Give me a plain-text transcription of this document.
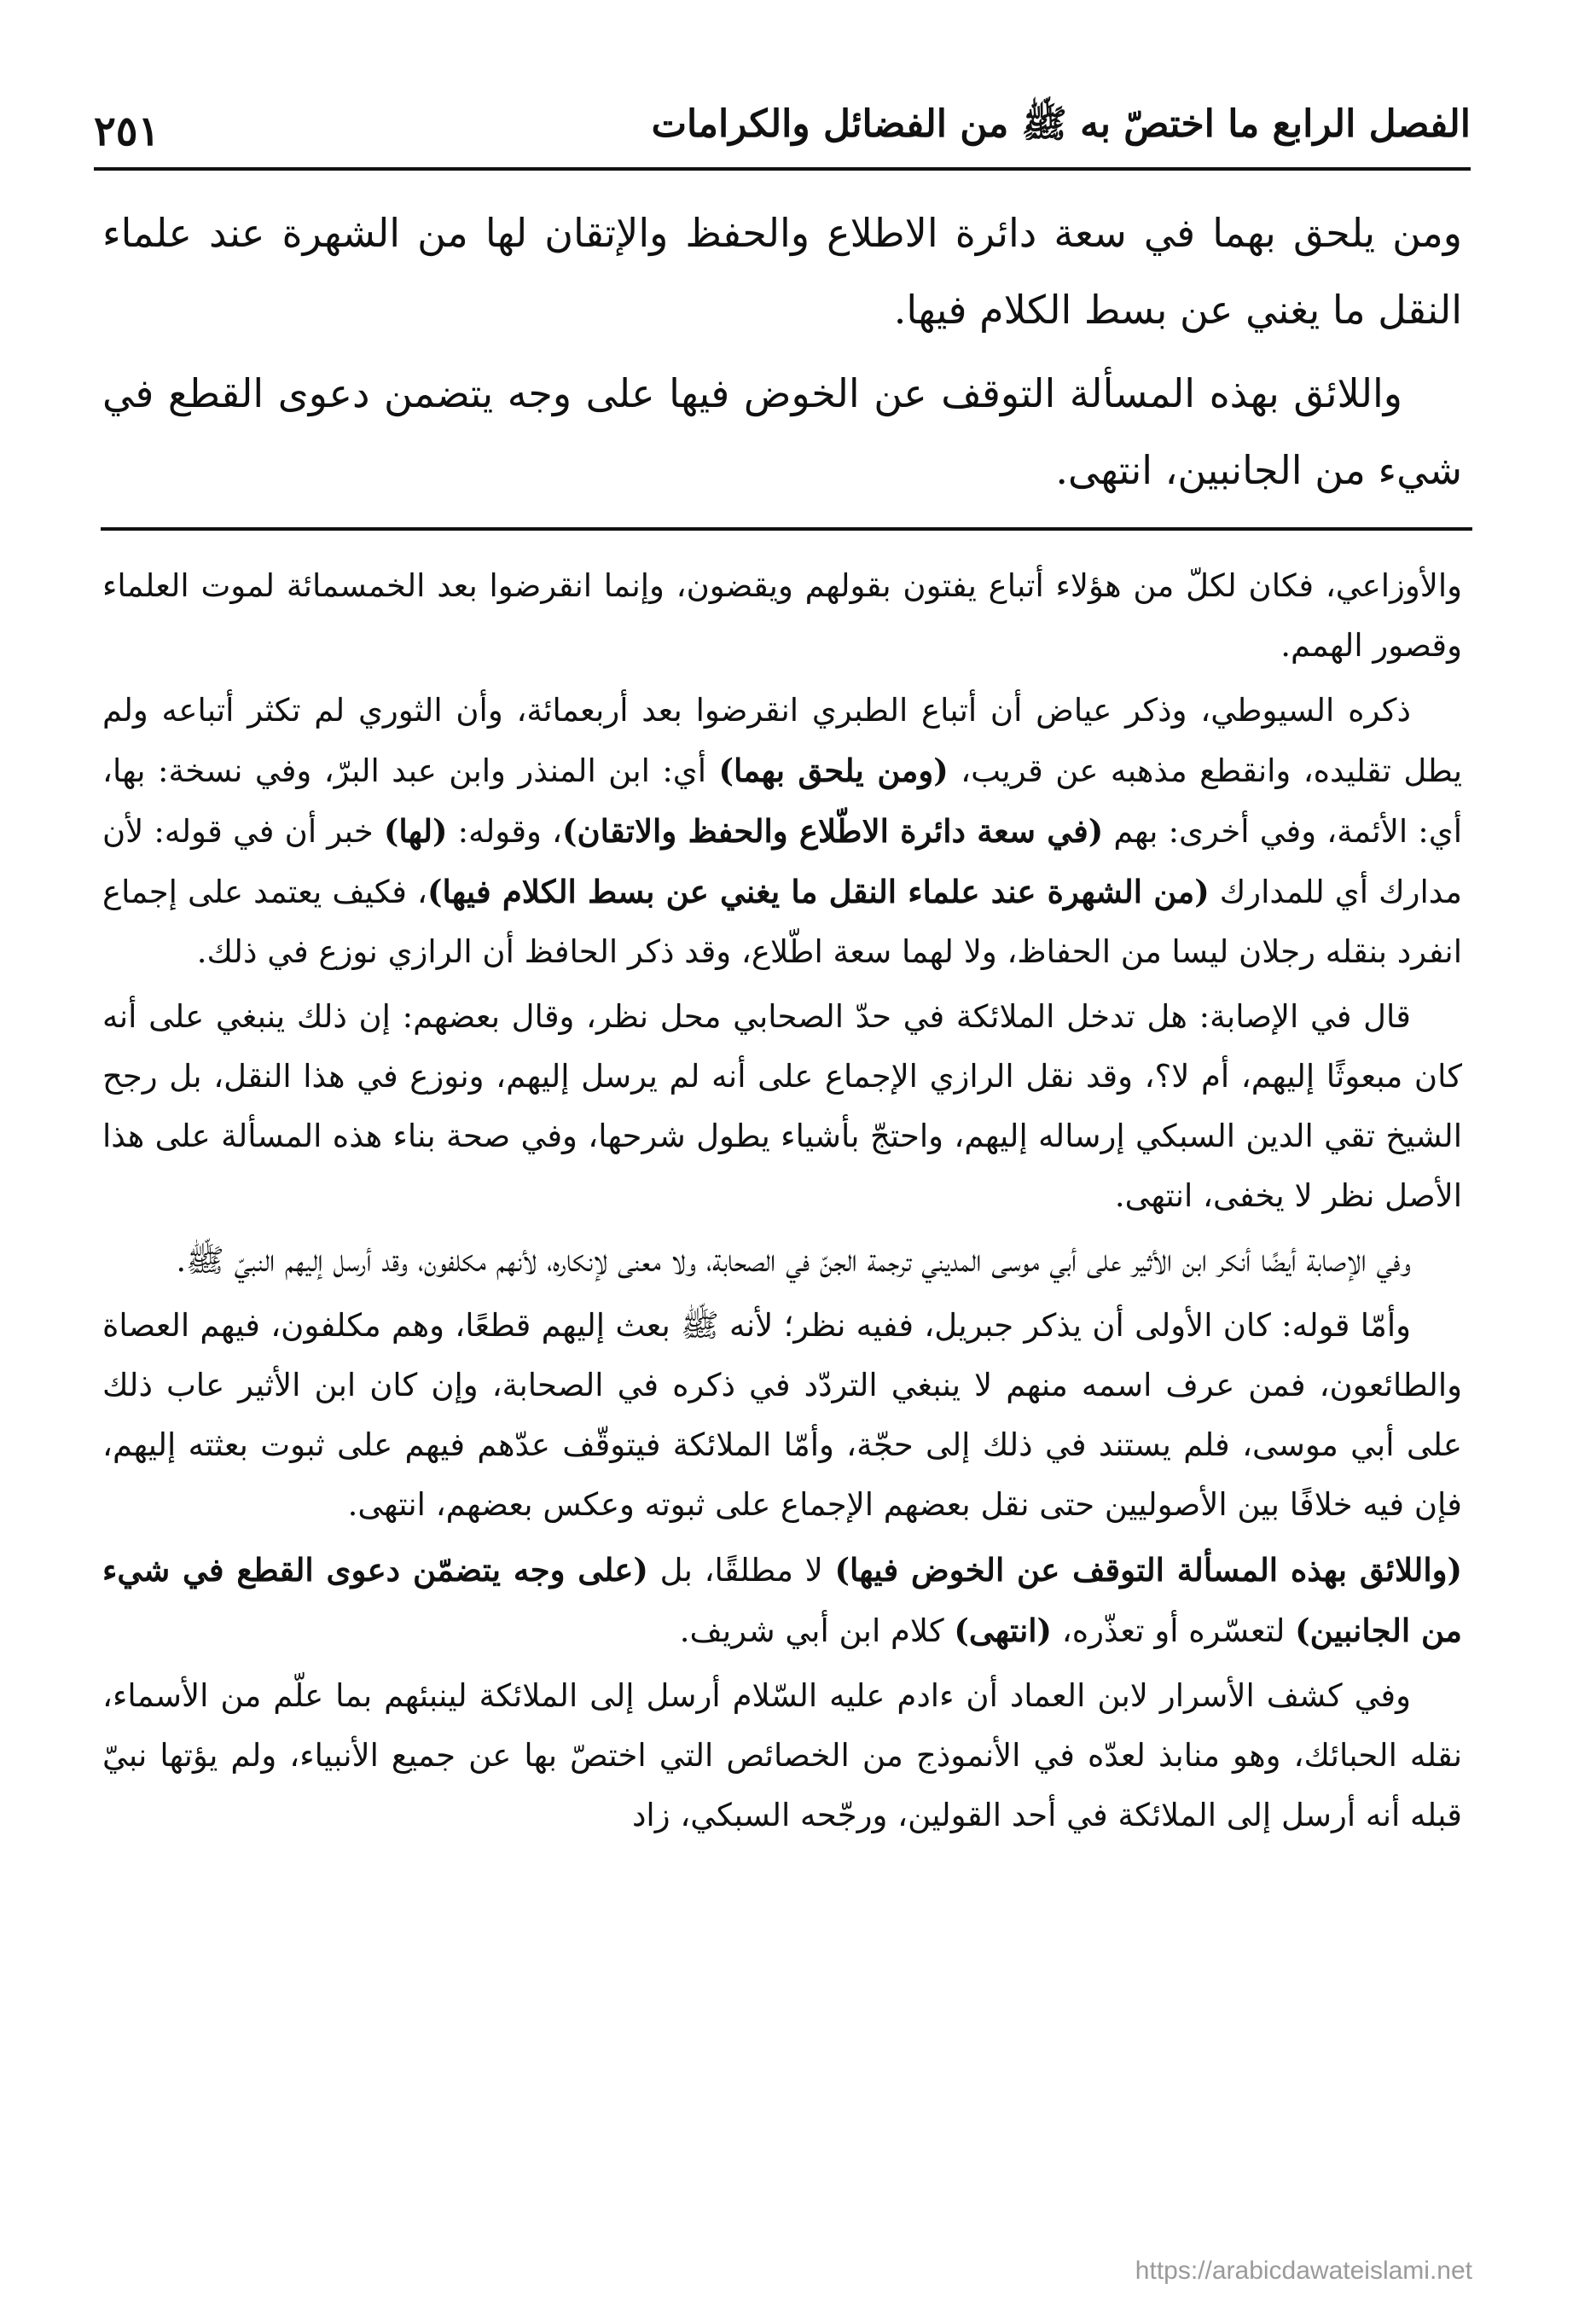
الفصل الرابع ما اختصّ به ﷺ من الفضائل والكرامات
٢٥١

ومن يلحق بهما في سعة دائرة الاطلاع والحفظ والإتقان لها من الشهرة عند علماء النقل ما يغني عن بسط الكلام فيها.

واللائق بهذه المسألة التوقف عن الخوض فيها على وجه يتضمن دعوى القطع في شيء من الجانبين، انتهى.

والأوزاعي، فكان لكلّ من هؤلاء أتباع يفتون بقولهم ويقضون، وإنما انقرضوا بعد الخمسمائة لموت العلماء وقصور الهمم.

ذكره السيوطي، وذكر عياض أن أتباع الطبري انقرضوا بعد أربعمائة، وأن الثوري لم تكثر أتباعه ولم يطل تقليده، وانقطع مذهبه عن قريب، (ومن يلحق بهما) أي: ابن المنذر وابن عبد البرّ، وفي نسخة: بها، أي: الأئمة، وفي أخرى: بهم (في سعة دائرة الاطّلاع والحفظ والاتقان)، وقوله: (لها) خبر أن في قوله: لأن مدارك أي للمدارك (من الشهرة عند علماء النقل ما يغني عن بسط الكلام فيها)، فكيف يعتمد على إجماع انفرد بنقله رجلان ليسا من الحفاظ، ولا لهما سعة اطّلاع، وقد ذكر الحافظ أن الرازي نوزع في ذلك.

قال في الإصابة: هل تدخل الملائكة في حدّ الصحابي محل نظر، وقال بعضهم: إن ذلك ينبغي على أنه كان مبعوثًا إليهم، أم لا؟، وقد نقل الرازي الإجماع على أنه لم يرسل إليهم، ونوزع في هذا النقل، بل رجح الشيخ تقي الدين السبكي إرساله إليهم، واحتجّ بأشياء يطول شرحها، وفي صحة بناء هذه المسألة على هذا الأصل نظر لا يخفى، انتهى.

وفي الإصابة أيضًا أنكر ابن الأثير على أبي موسى المديني ترجمة الجنّ في الصحابة، ولا معنى لإنكاره، لأنهم مكلفون، وقد أرسل إليهم النبيّ ﷺ.

وأمّا قوله: كان الأولى أن يذكر جبريل، ففيه نظر؛ لأنه ﷺ بعث إليهم قطعًا، وهم مكلفون، فيهم العصاة والطائعون، فمن عرف اسمه منهم لا ينبغي التردّد في ذكره في الصحابة، وإن كان ابن الأثير عاب ذلك على أبي موسى، فلم يستند في ذلك إلى حجّة، وأمّا الملائكة فيتوقّف عدّهم فيهم على ثبوت بعثته إليهم، فإن فيه خلافًا بين الأصوليين حتى نقل بعضهم الإجماع على ثبوته وعكس بعضهم، انتهى.

(واللائق بهذه المسألة التوقف عن الخوض فيها) لا مطلقًا، بل (على وجه يتضمّن دعوى القطع في شيء من الجانبين) لتعسّره أو تعذّره، (انتهى) كلام ابن أبي شريف.

وفي كشف الأسرار لابن العماد أن ءادم عليه السّلام أرسل إلى الملائكة لينبئهم بما علّم من الأسماء، نقله الحبائك، وهو منابذ لعدّه في الأنموذج من الخصائص التي اختصّ بها عن جميع الأنبياء، ولم يؤتها نبيّ قبله أنه أرسل إلى الملائكة في أحد القولين، ورجّحه السبكي، زاد

https://arabicdawateislami.net
